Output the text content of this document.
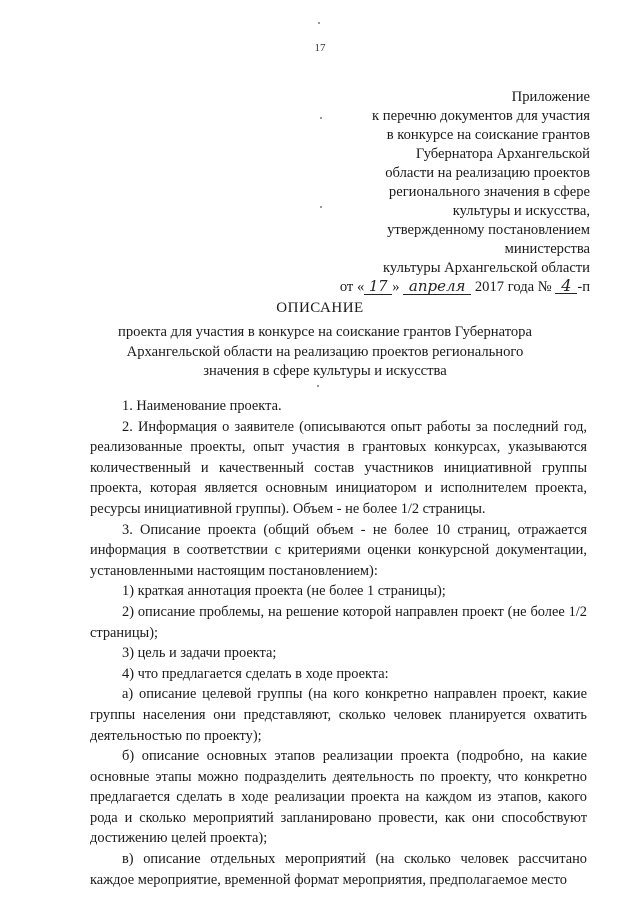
17
Приложение
к перечню документов для участия
в конкурсе на соискание грантов
Губернатора Архангельской
области на реализацию проектов
регионального значения в сфере
культуры и искусства,
утвержденному постановлением
министерства
культуры Архангельской области
от « 17 » апреля 2017 года № 4 -п
ОПИСАНИЕ
проекта для участия в конкурсе на соискание грантов Губернатора Архангельской области на реализацию проектов регионального значения в сфере культуры и искусства

1. Наименование проекта.

2. Информация о заявителе (описываются опыт работы за последний год, реализованные проекты, опыт участия в грантовых конкурсах, указываются количественный и качественный состав участников инициативной группы проекта, которая является основным инициатором и исполнителем проекта, ресурсы инициативной группы). Объем - не более 1/2 страницы.

3. Описание проекта (общий объем - не более 10 страниц, отражается информация в соответствии с критериями оценки конкурсной документации, установленными настоящим постановлением):

1) краткая аннотация проекта (не более 1 страницы);

2) описание проблемы, на решение которой направлен проект (не более 1/2 страницы);

3) цель и задачи проекта;

4) что предлагается сделать в ходе проекта:

а) описание целевой группы (на кого конкретно направлен проект, какие группы населения они представляют, сколько человек планируется охватить деятельностью по проекту);

б) описание основных этапов реализации проекта (подробно, на какие основные этапы можно подразделить деятельность по проекту, что конкретно предлагается сделать в ходе реализации проекта на каждом из этапов, какого рода и сколько мероприятий запланировано провести, как они способствуют достижению целей проекта);

в) описание отдельных мероприятий (на сколько человек рассчитано каждое мероприятие, временной формат мероприятия, предполагаемое место
